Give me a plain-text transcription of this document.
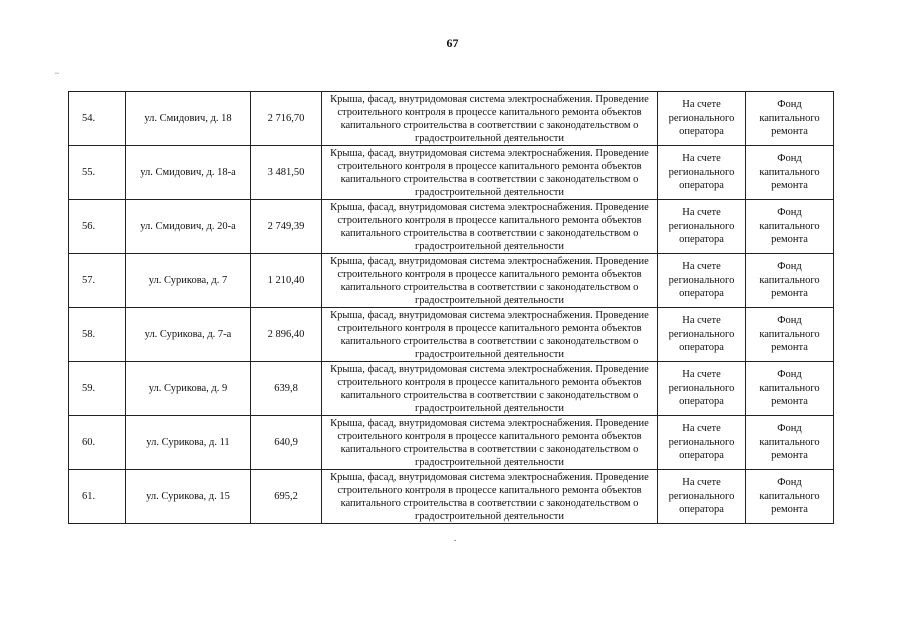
67
~
54.	ул. Смидович, д. 18	2 716,70	Крыша, фасад, внутридомовая система электроснабжения. Проведение строительного контроля в процессе капитального ремонта объектов капитального строительства в соответствии с законодательством о градостроительной деятельности	На счете регионального оператора	Фонд капитального ремонта
55.	ул. Смидович, д. 18-а	3 481,50	Крыша, фасад, внутридомовая система электроснабжения. Проведение строительного контроля в процессе капитального ремонта объектов капитального строительства в соответствии с законодательством о градостроительной деятельности	На счете регионального оператора	Фонд капитального ремонта
56.	ул. Смидович, д. 20-а	2 749,39	Крыша, фасад, внутридомовая система электроснабжения. Проведение строительного контроля в процессе капитального ремонта объектов капитального строительства в соответствии с законодательством о градостроительной деятельности	На счете регионального оператора	Фонд капитального ремонта
57.	ул. Сурикова, д. 7	1 210,40	Крыша, фасад, внутридомовая система электроснабжения. Проведение строительного контроля в процессе капитального ремонта объектов капитального строительства в соответствии с законодательством о градостроительной деятельности	На счете регионального оператора	Фонд капитального ремонта
58.	ул. Сурикова, д. 7-а	2 896,40	Крыша, фасад, внутридомовая система электроснабжения. Проведение строительного контроля в процессе капитального ремонта объектов капитального строительства в соответствии с законодательством о градостроительной деятельности	На счете регионального оператора	Фонд капитального ремонта
59.	ул. Сурикова, д. 9	639,8	Крыша, фасад, внутридомовая система электроснабжения. Проведение строительного контроля в процессе капитального ремонта объектов капитального строительства в соответствии с законодательством о градостроительной деятельности	На счете регионального оператора	Фонд капитального ремонта
60.	ул. Сурикова, д. 11	640,9	Крыша, фасад, внутридомовая система электроснабжения. Проведение строительного контроля в процессе капитального ремонта объектов капитального строительства в соответствии с законодательством о градостроительной деятельности	На счете регионального оператора	Фонд капитального ремонта
61.	ул. Сурикова, д. 15	695,2	Крыша, фасад, внутридомовая система электроснабжения. Проведение строительного контроля в процессе капитального ремонта объектов капитального строительства в соответствии с законодательством о градостроительной деятельности	На счете регионального оператора	Фонд капитального ремонта
